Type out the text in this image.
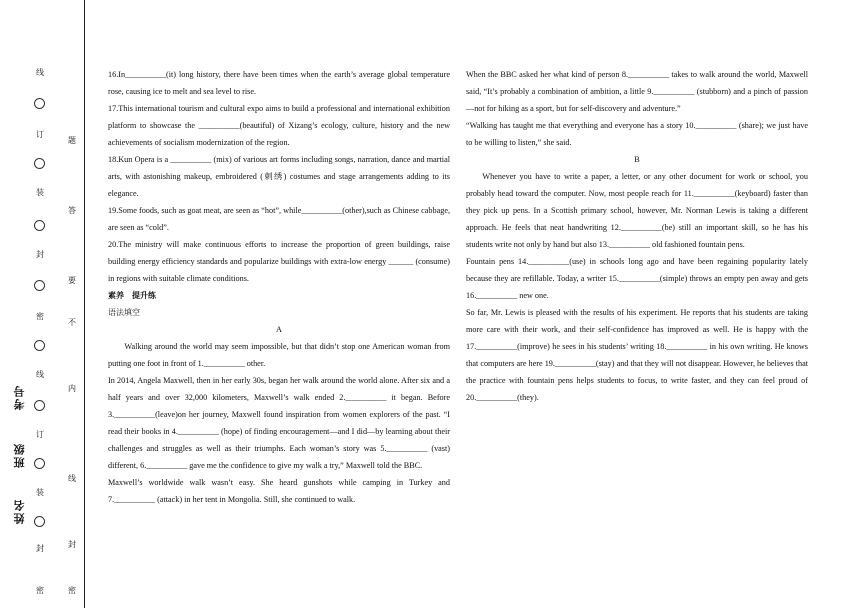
姓名
班级
考号
线
订
装
封
密
线
订
装
封
密
题
答
要
不
内
线
封
密

16.In__________(it) long history, there have been times when the earth’s average global temperature rose, causing ice to melt and sea level to rise.

17.This international tourism and cultural expo aims to build a professional and international exhibition platform to showcase the __________(beautiful) of Xizang’s ecology, culture, history and the new achievements of socialism modernization of the region.

18.Kun Opera is a __________ (mix) of various art forms including songs, narration, dance and martial arts, with astonishing makeup, embroidered (刺绣) costumes and stage arrangements adding to its elegance.

19.Some foods, such as goat meat, are seen as “hot”, while__________(other),such as Chinese cabbage, are seen as “cold”.

20.The ministry will make continuous efforts to increase the proportion of green buildings, raise building energy efficiency standards and popularize buildings with extra-low energy ______ (consume) in regions with suitable climate conditions.

素养　提升练

语法填空

A

Walking around the world may seem impossible, but that didn’t stop one American woman from putting one foot in front of 1.__________ other.

In 2014, Angela Maxwell, then in her early 30s, began her walk around the world alone. After six and a half years and over 32,000 kilometers, Maxwell’s walk ended 2.__________ it began. Before 3.__________(leave)on her journey, Maxwell found inspiration from women explorers of the past. “I read their books in 4.__________ (hope) of finding encouragement—and I did—by learning about their challenges and struggles as well as their triumphs. Each woman’s story was 5.__________ (vast) different, 6.__________ gave me the confidence to give my walk a try,” Maxwell told the BBC.

Maxwell’s worldwide walk wasn’t easy. She heard gunshots while camping in Turkey and 7.__________ (attack) in her tent in Mongolia. Still, she continued to walk.

When the BBC asked her what kind of person 8.__________ takes to walk around the world, Maxwell said, “It’s probably a combination of ambition, a little 9.__________ (stubborn) and a pinch of passion—not for hiking as a sport, but for self-discovery and adventure.”

“Walking has taught me that everything and everyone has a story 10.__________ (share); we just have to be willing to listen,” she said.

B

Whenever you have to write a paper, a letter, or any other document for work or school, you probably head toward the computer. Now, most people reach for 11.__________(keyboard) faster than they pick up pens. In a Scottish primary school, however, Mr. Norman Lewis is taking a different approach. He feels that neat handwriting 12.__________(be) still an important skill, so he has his students write not only by hand but also 13.__________ old fashioned fountain pens.

Fountain pens 14.__________(use) in schools long ago and have been regaining popularity lately because they are refillable. Today, a writer 15.__________(simple) throws an empty pen away and gets 16.__________ new one.

So far, Mr. Lewis is pleased with the results of his experiment. He reports that his students are taking more care with their work, and their self-confidence has improved as well. He is happy with the 17.__________(improve) he sees in his students’ writing 18.__________ in his own writing. He knows that computers are here 19.__________(stay) and that they will not disappear. However, he believes that the practice with fountain pens helps students to focus, to write faster, and they can feel proud of 20.__________(they).
